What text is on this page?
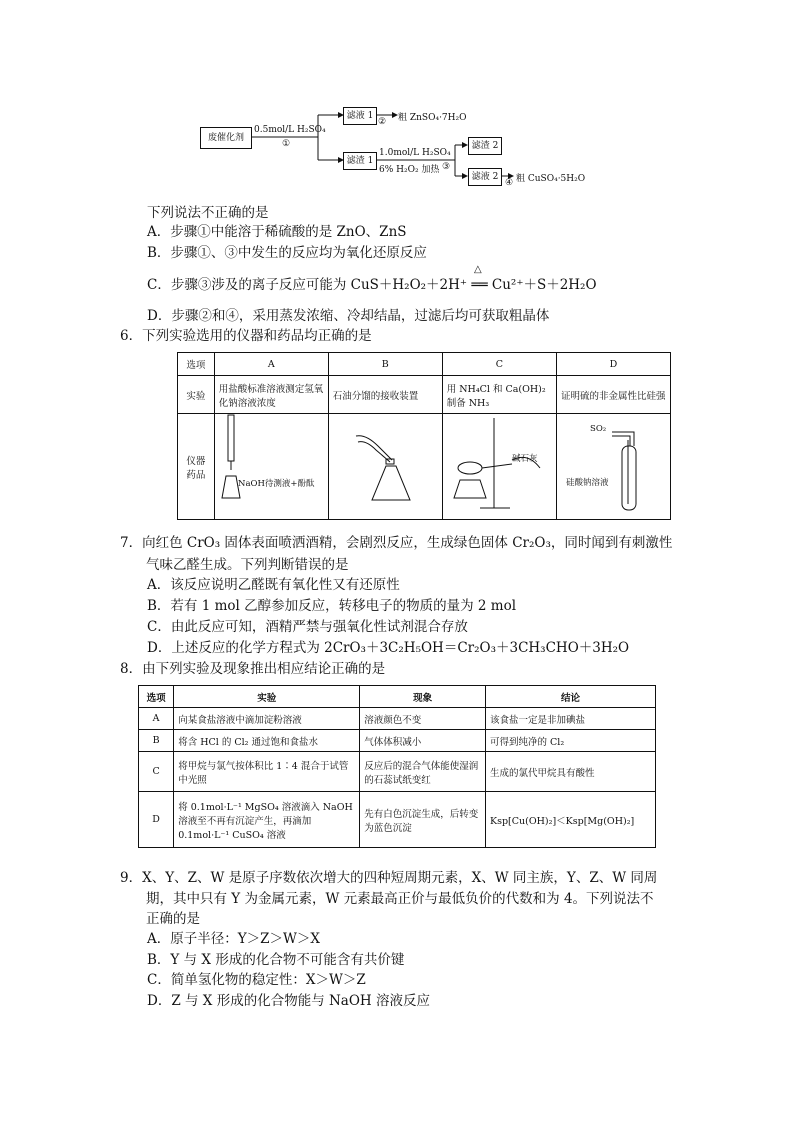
废催化剂
0.5mol/L H₂SO₄
①
滤液 1
② 粗 ZnSO₄·7H₂O
滤渣 1
1.0mol/L H₂SO₄
6% H₂O₂ 加热 ③
滤渣 2
滤液 2
④ 粗 CuSO₄·5H₂O
下列说法不正确的是
A．步骤①中能溶于稀硫酸的是 ZnO、ZnS
B．步骤①、③中发生的反应均为氧化还原反应
△
C．步骤③涉及的离子反应可能为 CuS＋H₂O₂＋2H⁺ ══ Cu²⁺＋S＋2H₂O
D．步骤②和④，采用蒸发浓缩、冷却结晶，过滤后均可获取粗晶体
6．下列实验选用的仪器和药品均正确的是
选项	A	B	C	D
实验	用盐酸标准溶液测定氢氧化钠溶液浓度	石油分馏的接收装置	用 NH₄Cl 和 Ca(OH)₂ 制备 NH₃	证明硫的非金属性比硅强
仪器药品				
NaOH待测液+酚酞
碱石灰
SO₂
硅酸钠溶液
7．向红色 CrO₃ 固体表面喷洒酒精，会剧烈反应，生成绿色固体 Cr₂O₃，同时闻到有刺激性
气味乙醛生成。下列判断错误的是
A．该反应说明乙醛既有氧化性又有还原性
B．若有 1 mol 乙醇参加反应，转移电子的物质的量为 2 mol
C．由此反应可知，酒精严禁与强氧化性试剂混合存放
D．上述反应的化学方程式为 2CrO₃＋3C₂H₅OH＝Cr₂O₃＋3CH₃CHO＋3H₂O
8．由下列实验及现象推出相应结论正确的是
选项	实验	现象	结论
A	向某食盐溶液中滴加淀粉溶液	溶液颜色不变	该食盐一定是非加碘盐
B	将含 HCl 的 Cl₂ 通过饱和食盐水	气体体积减小	可得到纯净的 Cl₂
C	将甲烷与氯气按体积比 1∶4 混合于试管中光照	反应后的混合气体能使湿润的石蕊试纸变红	生成的氯代甲烷具有酸性
D	将 0.1mol·L⁻¹ MgSO₄ 溶液滴入 NaOH 溶液至不再有沉淀产生，再滴加 0.1mol·L⁻¹ CuSO₄ 溶液	先有白色沉淀生成，后转变为蓝色沉淀	Ksp[Cu(OH)₂]＜Ksp[Mg(OH)₂]
9．X、Y、Z、W 是原子序数依次增大的四种短周期元素，X、W 同主族，Y、Z、W 同周
期，其中只有 Y 为金属元素，W 元素最高正价与最低负价的代数和为 4。下列说法不
正确的是
A．原子半径：Y＞Z＞W＞X
B．Y 与 X 形成的化合物不可能含有共价键
C．简单氢化物的稳定性：X＞W＞Z
D．Z 与 X 形成的化合物能与 NaOH 溶液反应
